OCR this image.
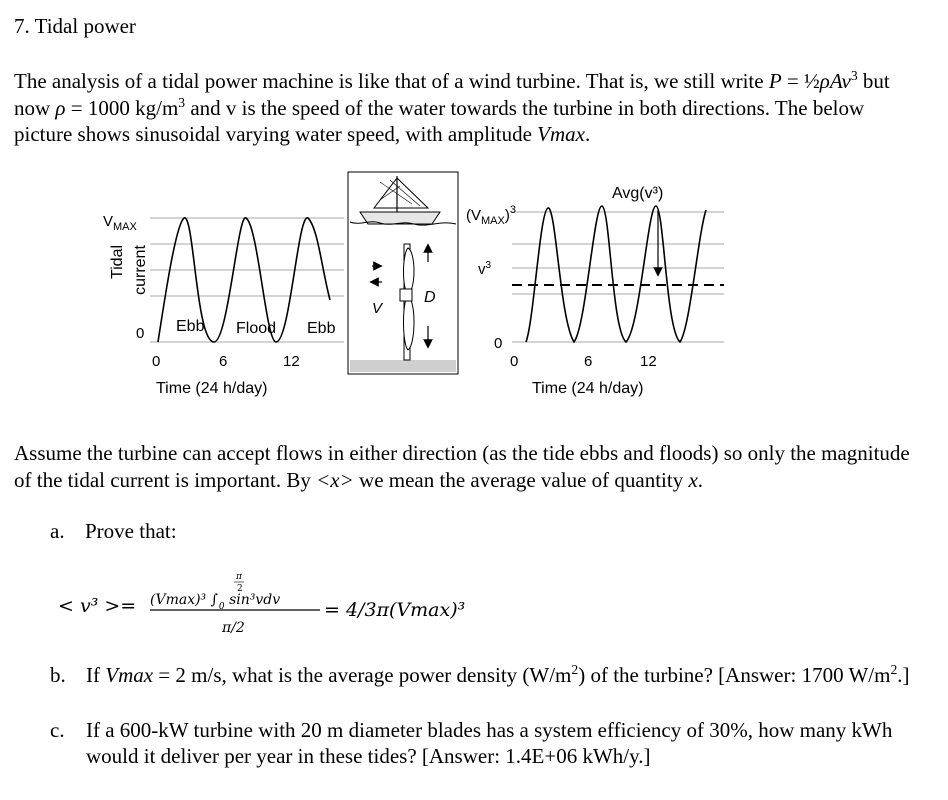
7. Tidal power
The analysis of a tidal power machine is like that of a wind turbine. That is, we still write P = ½ρAv$^3$ but now ρ = 1000 $kg/m^3$ and v is the speed of the water towards the turbine in both directions. The below picture shows sinusoidal varying water speed, with amplitude Vmax.
$V_{MAX}$
Tidal current
0 Ebb Flood Ebb
0	6	12
Time (24 h/day)
V
D
Avg(v³)
$(V_{MAX})^3$
$v^3$
0
0	6	12
Time (24 h/day)
Assume the turbine can accept flows in either direction (as the tide ebbs and floods) so only the magnitude of the tidal current is important. By <x> we mean the average value of quantity x.
a. Prove that:
< v³ >= (Vmax)³ $\int_0$ sin³vdv
π
2
π/2
= 4/3π(Vmax)³
b. If Vmax = 2 m/s, what is the average power density $(W/m^2)$ of the turbine? [Answer: 1700 $W/m^2$.]
c.	If a 600-kW turbine with 20 m diameter blades has a system efficiency of 30%, how many kWh would it deliver per year in these tides? [Answer: 1.4E+06 kWh/y.]
